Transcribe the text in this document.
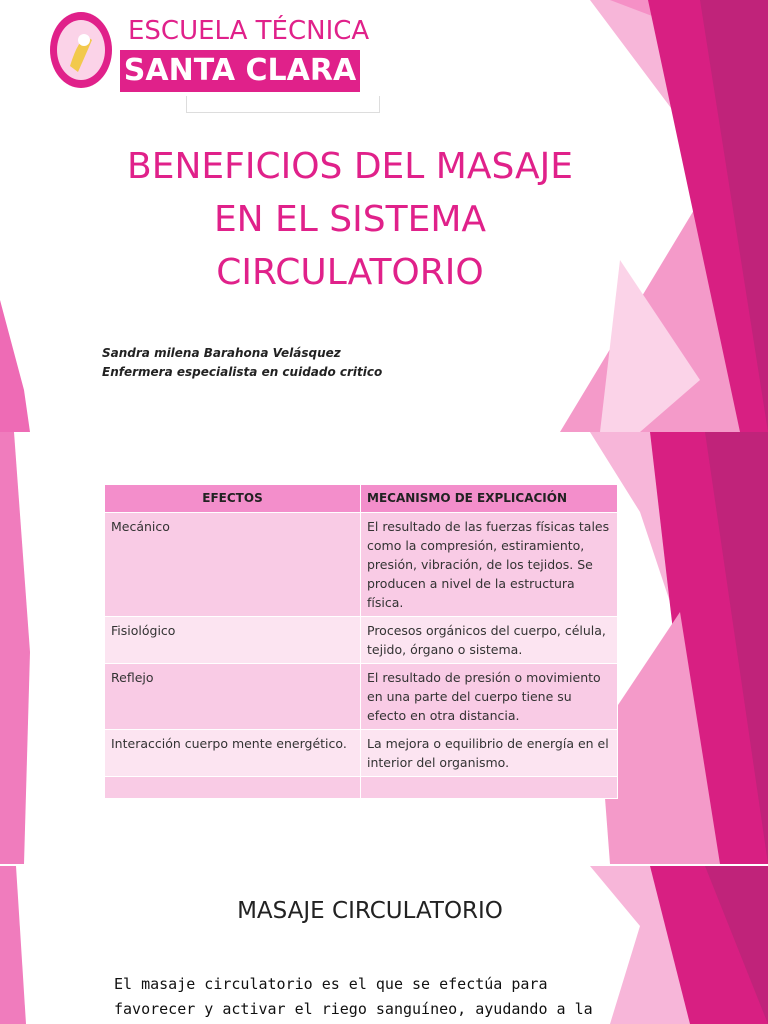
ESCUELA TÉCNICA
SANTA CLARA
BENEFICIOS DEL MASAJE
EN EL SISTEMA
CIRCULATORIO
Sandra milena Barahona Velásquez
Enfermera especialista en cuidado critico
EFECTOS	MECANISMO DE EXPLICACIÓN
Mecánico	El resultado de las fuerzas físicas tales como la compresión, estiramiento, presión, vibración, de los tejidos. Se producen a nivel de la estructura física.
Fisiológico	Procesos orgánicos del cuerpo, célula, tejido, órgano o sistema.
Reflejo	El resultado de presión o movimiento en una parte del cuerpo tiene su efecto en otra distancia.
Interacción cuerpo mente energético.	La mejora o equilibrio de energía en el interior del organismo.

MASAJE CIRCULATORIO
El masaje circulatorio es el que se efectúa para
favorecer y activar el riego sanguíneo, ayudando a la
